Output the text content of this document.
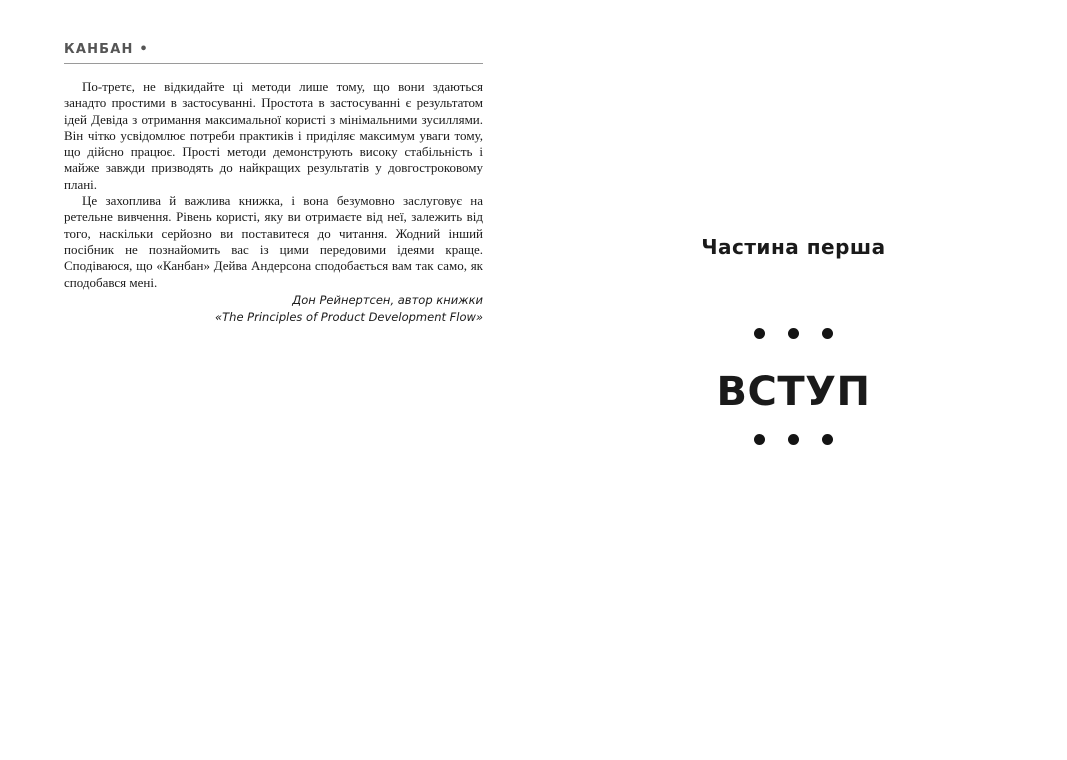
КАНБАН •

По-третє, не відкидайте ці методи лише тому, що вони здаються занадто простими в застосуванні. Простота в застосуванні є результатом ідей Девіда з отримання максимальної користі з мінімальними зусиллями. Він чітко усвідомлює потреби практиків і приділяє максимум уваги тому, що дійсно працює. Прості методи демонструють високу стабільність і майже завжди призводять до найкращих результатів у довгостроковому плані.

Це захоплива й важлива книжка, і вона безумовно заслуговує на ретельне вивчення. Рівень користі, яку ви отримаєте від неї, залежить від того, наскільки серйозно ви поставитеся до читання. Жодний інший посібник не познайомить вас із цими передовими ідеями краще. Сподіваюся, що «Канбан» Дейва Андерсона сподобається вам так само, як сподобався мені.

Дон Рейнертсен, автор книжки
«The Principles of Product Development Flow»
Частина перша
ВСТУП
